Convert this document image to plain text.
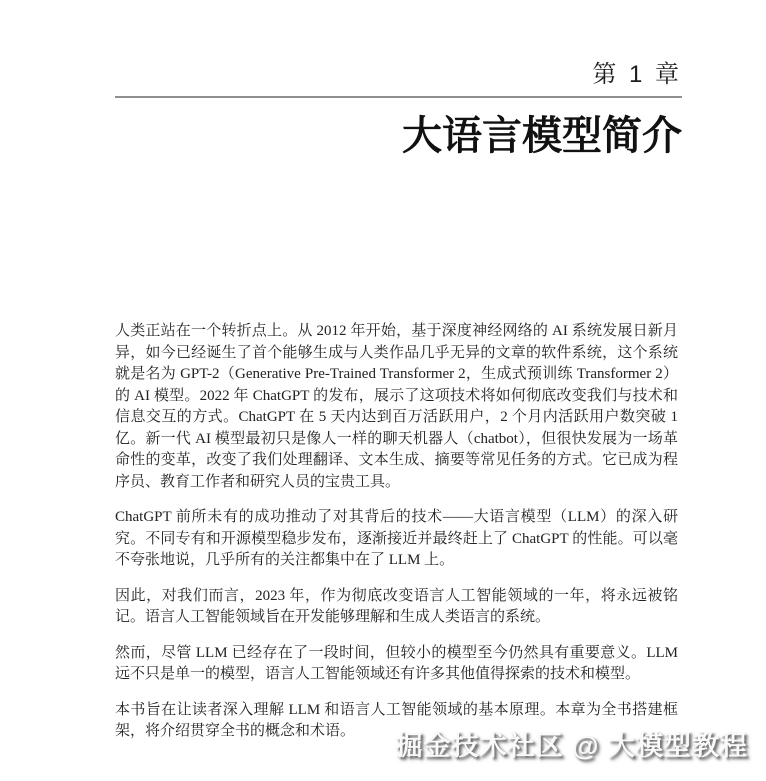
第 1 章
大语言模型简介

人类正站在一个转折点上。从 2012 年开始，基于深度神经网络的 AI 系统发展日新月异，如今已经诞生了首个能够生成与人类作品几乎无异的文章的软件系统，这个系统就是名为 GPT-2（Generative Pre-Trained Transformer 2，生成式预训练 Transformer 2）的 AI 模型。2022 年 ChatGPT 的发布，展示了这项技术将如何彻底改变我们与技术和信息交互的方式。ChatGPT 在 5 天内达到百万活跃用户，2 个月内活跃用户数突破 1 亿。新一代 AI 模型最初只是像人一样的聊天机器人（chatbot），但很快发展为一场革命性的变革，改变了我们处理翻译、文本生成、摘要等常见任务的方式。它已成为程序员、教育工作者和研究人员的宝贵工具。

ChatGPT 前所未有的成功推动了对其背后的技术——大语言模型（LLM）的深入研究。不同专有和开源模型稳步发布，逐渐接近并最终赶上了 ChatGPT 的性能。可以毫不夸张地说，几乎所有的关注都集中在了 LLM 上。

因此，对我们而言，2023 年，作为彻底改变语言人工智能领域的一年，将永远被铭记。语言人工智能领域旨在开发能够理解和生成人类语言的系统。

然而，尽管 LLM 已经存在了一段时间，但较小的模型至今仍然具有重要意义。LLM 远不只是单一的模型，语言人工智能领域还有许多其他值得探索的技术和模型。

本书旨在让读者深入理解 LLM 和语言人工智能领域的基本原理。本章为全书搭建框架，将介绍贯穿全书的概念和术语。	掘金技术社区 @ 大模型教程
